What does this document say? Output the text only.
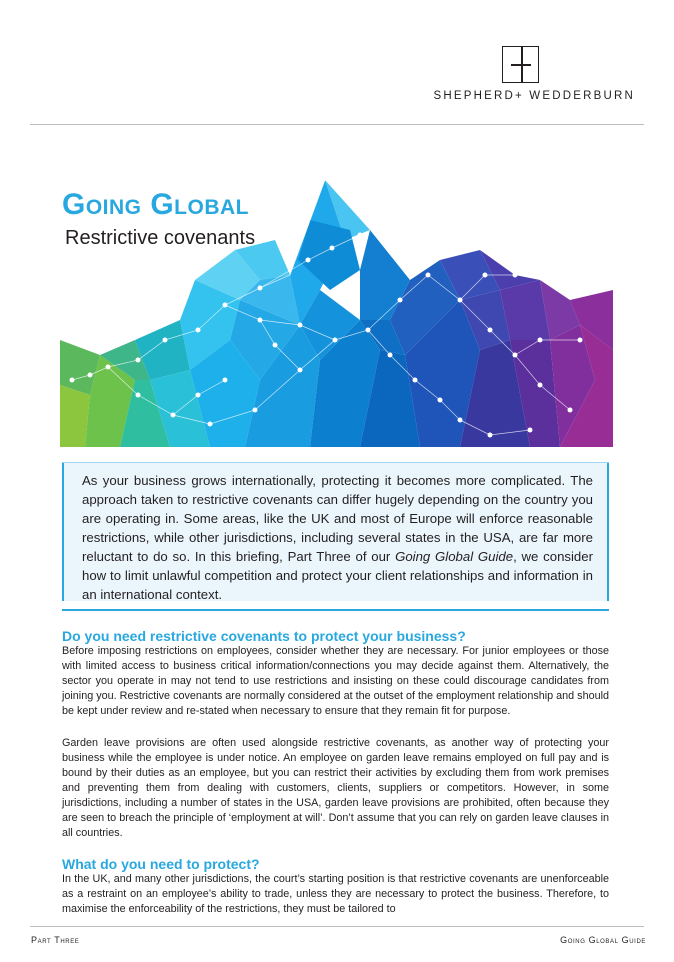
SHEPHERD+ WEDDERBURN
Going Global
Restrictive covenants

As your business grows internationally, protecting it becomes more complicated. The approach taken to restrictive covenants can differ hugely depending on the country you are operating in. Some areas, like the UK and most of Europe will enforce reasonable restrictions, while other jurisdictions, including several states in the USA, are far more reluctant to do so. In this briefing, Part Three of our Going Global Guide, we consider how to limit unlawful competition and protect your client relationships and information in an international context.

Do you need restrictive covenants to protect your business?

Before imposing restrictions on employees, consider whether they are necessary. For junior employees or those with limited access to business critical information/connections you may decide against them. Alternatively, the sector you operate in may not tend to use restrictions and insisting on these could discourage candidates from joining you. Restrictive covenants are normally considered at the outset of the employment relationship and should be kept under review and re-stated when necessary to ensure that they remain fit for purpose.

Garden leave provisions are often used alongside restrictive covenants, as another way of protecting your business while the employee is under notice. An employee on garden leave remains employed on full pay and is bound by their duties as an employee, but you can restrict their activities by excluding them from work premises and preventing them from dealing with customers, clients, suppliers or competitors. However, in some jurisdictions, including a number of states in the USA, garden leave provisions are prohibited, often because they are seen to breach the principle of ‘employment at will’. Don’t assume that you can rely on garden leave clauses in all countries.

What do you need to protect?

In the UK, and many other jurisdictions, the court’s starting position is that restrictive covenants are unenforceable as a restraint on an employee’s ability to trade, unless they are necessary to protect the business. Therefore, to maximise the enforceability of the restrictions, they must be tailored to

Part Three	Going Global Guide
